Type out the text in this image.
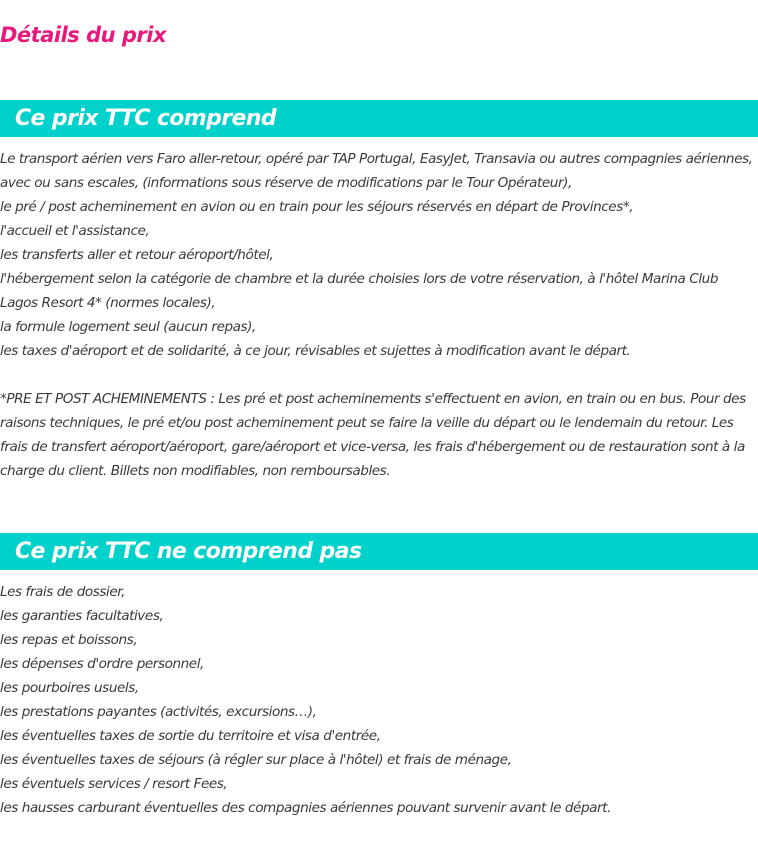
Détails du prix
Ce prix TTC comprend
Le transport aérien vers Faro aller-retour, opéré par TAP Portugal, EasyJet, Transavia ou autres compagnies aériennes, avec ou sans escales, (informations sous réserve de modifications par le Tour Opérateur),
le pré / post acheminement en avion ou en train pour les séjours réservés en départ de Provinces*,
l'accueil et l'assistance,
les transferts aller et retour aéroport/hôtel,
l'hébergement selon la catégorie de chambre et la durée choisies lors de votre réservation, à l'hôtel Marina Club Lagos Resort 4* (normes locales),
la formule logement seul (aucun repas),
les taxes d'aéroport et de solidarité, à ce jour, révisables et sujettes à modification avant le départ.

*PRE ET POST ACHEMINEMENTS : Les pré et post acheminements s'effectuent en avion, en train ou en bus. Pour des raisons techniques, le pré et/ou post acheminement peut se faire la veille du départ ou le lendemain du retour. Les frais de transfert aéroport/aéroport, gare/aéroport et vice-versa, les frais d'hébergement ou de restauration sont à la charge du client. Billets non modifiables, non remboursables.

Ce prix TTC ne comprend pas
Les frais de dossier,
les garanties facultatives,
les repas et boissons,
les dépenses d'ordre personnel,
les pourboires usuels,
les prestations payantes (activités, excursions…),
les éventuelles taxes de sortie du territoire et visa d'entrée,
les éventuelles taxes de séjours (à régler sur place à l'hôtel) et frais de ménage,
les éventuels services / resort Fees,
les hausses carburant éventuelles des compagnies aériennes pouvant survenir avant le départ.
